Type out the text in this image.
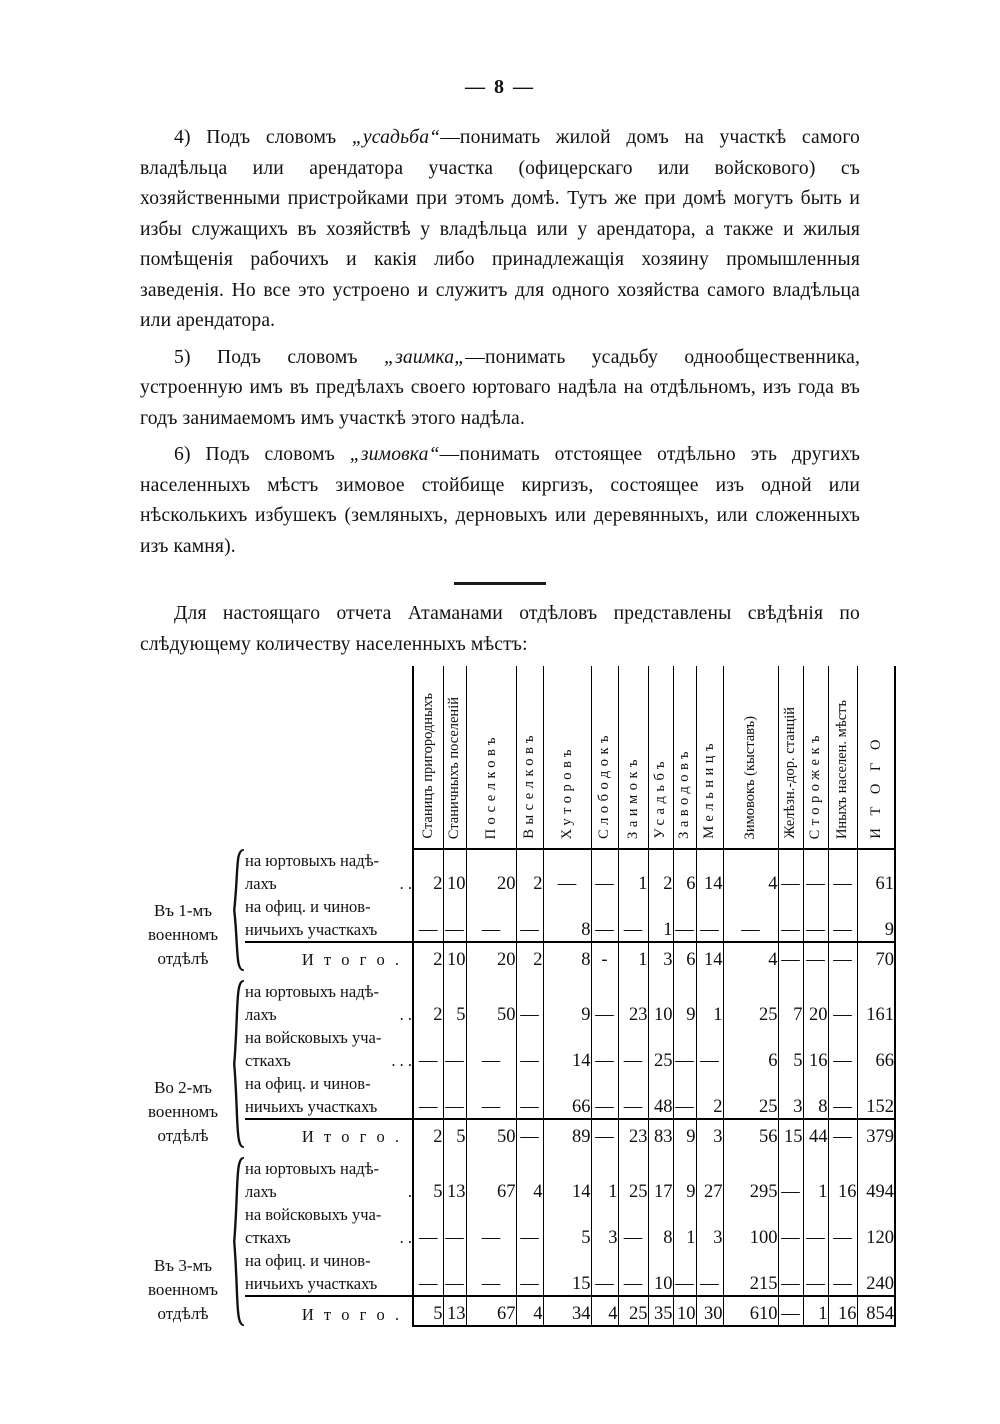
— 8 —

4) Подъ словомъ „усадьба“—понимать жилой домъ на участкѣ самого владѣльца или арендатора участка (офицерскаго или войскового) съ хозяйственными пристройками при этомъ домѣ. Тутъ же при домѣ могутъ быть и избы служащихъ въ хозяйствѣ у владѣльца или у арендатора, а также и жилыя помѣщенія рабочихъ и какія либо принадлежащія хозяину промышленныя заведенія. Но все это устроено и служитъ для одного хозяйства самого владѣльца или арендатора.

5) Подъ словомъ „заимка„—понимать усадьбу однообщественника, устроенную имъ въ предѣлахъ своего юртоваго надѣла на отдѣльномъ, изъ года въ годъ занимаемомъ имъ участкѣ этого надѣла.

6) Подъ словомъ „зимовка“—понимать отстоящее отдѣльно эть другихъ населенныхъ мѣстъ зимовое стойбище киргизъ, состоящее изъ одной или нѣсколькихъ избушекъ (земляныхъ, дерновыхъ или деревянныхъ, или сложенныхъ изъ камня).

Для настоящаго отчета Атаманами отдѣловъ представлены свѣдѣнія по слѣдующему количеству населенныхъ мѣстъ:

			Станицъ пригородныхъ	Станичныхъ поселеній	Поселковъ	Выселковъ	Хуторовъ	Слободокъ	Заимокъ	Усадьбъ	Заводовъ	Мельницъ	Зимовокъ (кыставъ)	Желѣзн.-дор. станцій	Сторожекъ	Иныхъ населен. мѣстъ	И Т О Г О

Въ 1-мъ
военномъ
отдѣлѣ		на юртовыхъ надѣ-
лахъ . .	2	10	20	2	—	—	1	2	6	14	4	—	—	—	61

		на офиц. и чинов-
ничьихъ участкахъ	—	—	—	—	8	—	—	1	—	—	—	—	—	—	9
		И т о г о .	2	10	20	2	8	-	1	3	6	14	4	—	—	—	70

Во 2-мъ
военномъ
отдѣлѣ		на юртовыхъ надѣ-
лахъ . .	2	5	50	—	9	—	23	10	9	1	25	7	20	—	161

		на войсковыхъ уча-
сткахъ . . .	—	—	—	—	14	—	—	25	—	—	6	5	16	—	66

		на офиц. и чинов-
ничьихъ участкахъ	—	—	—	—	66	—	—	48	—	2	25	3	8	—	152
		И т о г о .	2	5	50	—	89	—	23	83	9	3	56	15	44	—	379

Въ 3-мъ
военномъ
отдѣлѣ		на юртовыхъ надѣ-
лахъ .	5	13	67	4	14	1	25	17	9	27	295	—	1	16	494

		на войсковыхъ уча-
сткахъ . .	—	—	—	—	5	3	—	8	1	3	100	—	—	—	120

		на офиц. и чинов-
ничьихъ участкахъ	—	—	—	—	15	—	—	10	—	—	215	—	—	—	240
		И т о г о .	5	13	67	4	34	4	25	35	10	30	610	—	1	16	854
